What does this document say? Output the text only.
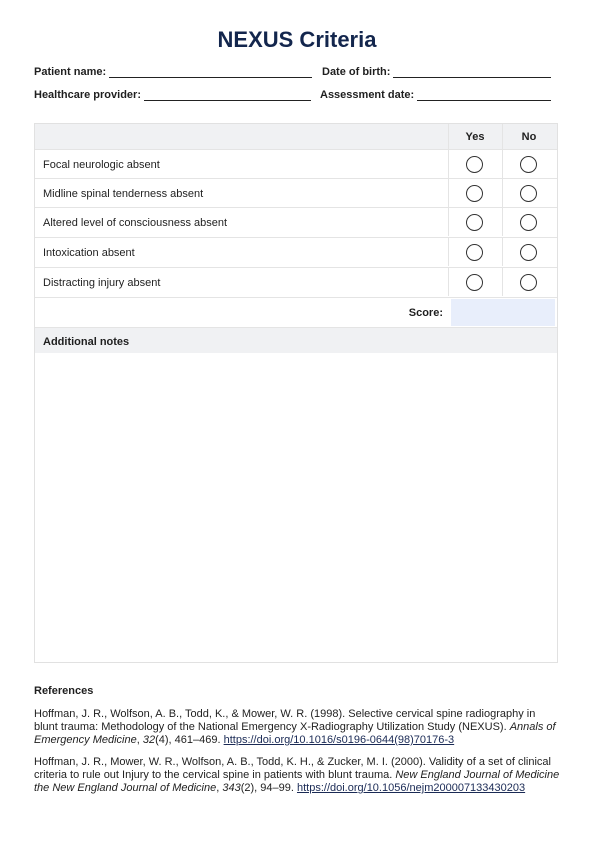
NEXUS Criteria
Patient name:	Date of birth:
Healthcare provider:	Assessment date:
Yes	No
Focal neurologic absent
Midline spinal tenderness absent
Altered level of consciousness absent
Intoxication absent
Distracting injury absent
Score:
Additional notes
References

Hoffman, J. R., Wolfson, A. B., Todd, K., & Mower, W. R. (1998). Selective cervical spine radiography in blunt trauma: Methodology of the National Emergency X-Radiography Utilization Study (NEXUS). Annals of Emergency Medicine, 32(4), 461–469. https://doi.org/10.1016/s0196-0644(98)70176-3

Hoffman, J. R., Mower, W. R., Wolfson, A. B., Todd, K. H., & Zucker, M. I. (2000). Validity of a set of clinical criteria to rule out Injury to the cervical spine in patients with blunt trauma. New England Journal of Medicine the New England Journal of Medicine, 343(2), 94–99. https://doi.org/10.1056/nejm200007133430203
